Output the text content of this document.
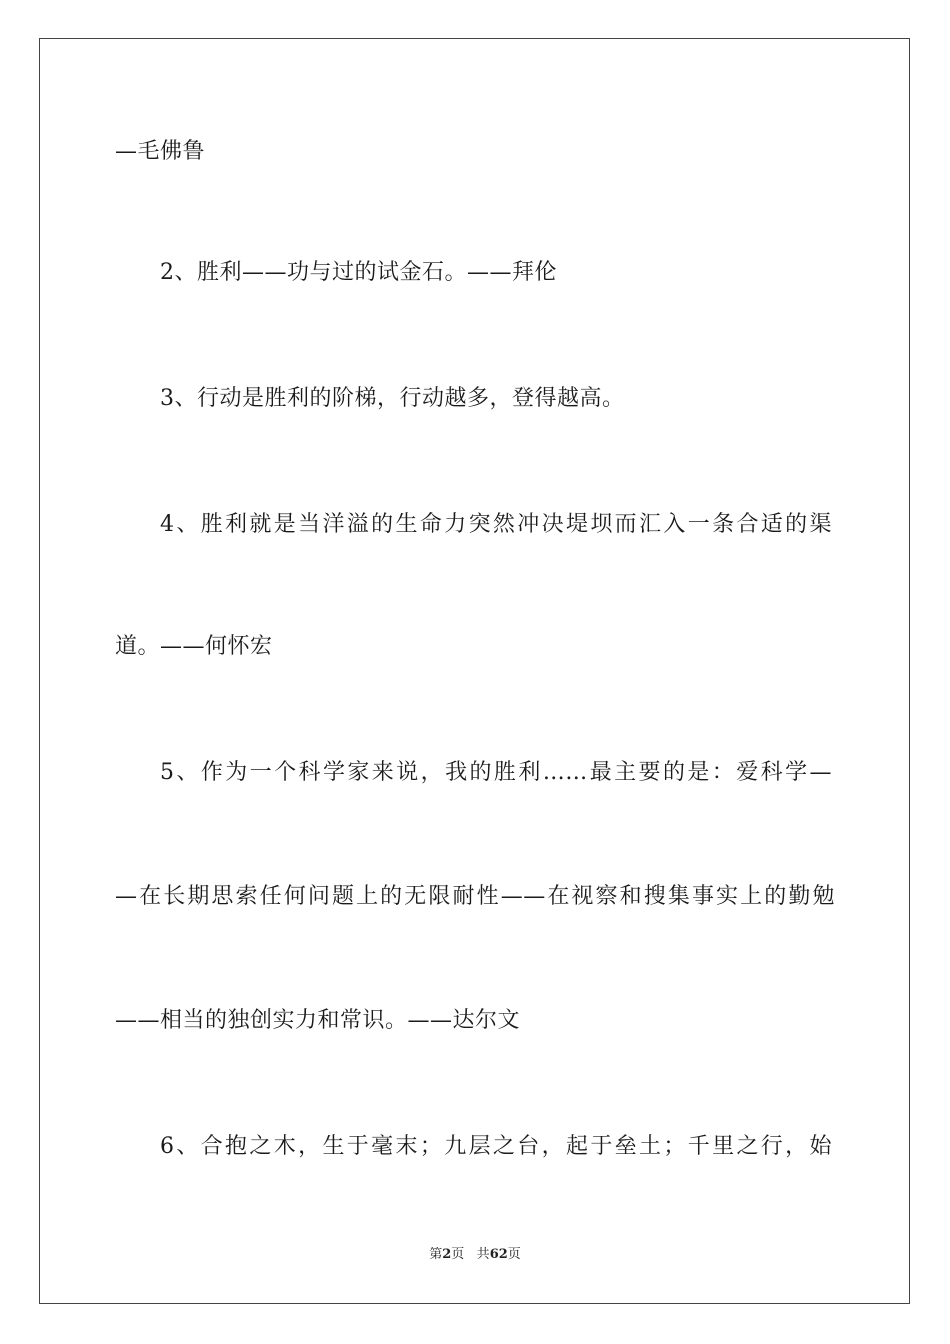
—毛佛鲁
2、胜利——功与过的试金石。——拜伦
3、行动是胜利的阶梯，行动越多，登得越高。
4、胜利就是当洋溢的生命力突然冲决堤坝而汇入一条合适的渠
道。——何怀宏
5、作为一个科学家来说，我的胜利……最主要的是：爱科学—
—在长期思索任何问题上的无限耐性——在视察和搜集事实上的勤勉
——相当的独创实力和常识。——达尔文
6、合抱之木，生于毫末；九层之台，起于垒土；千里之行，始
第2页 共62页
